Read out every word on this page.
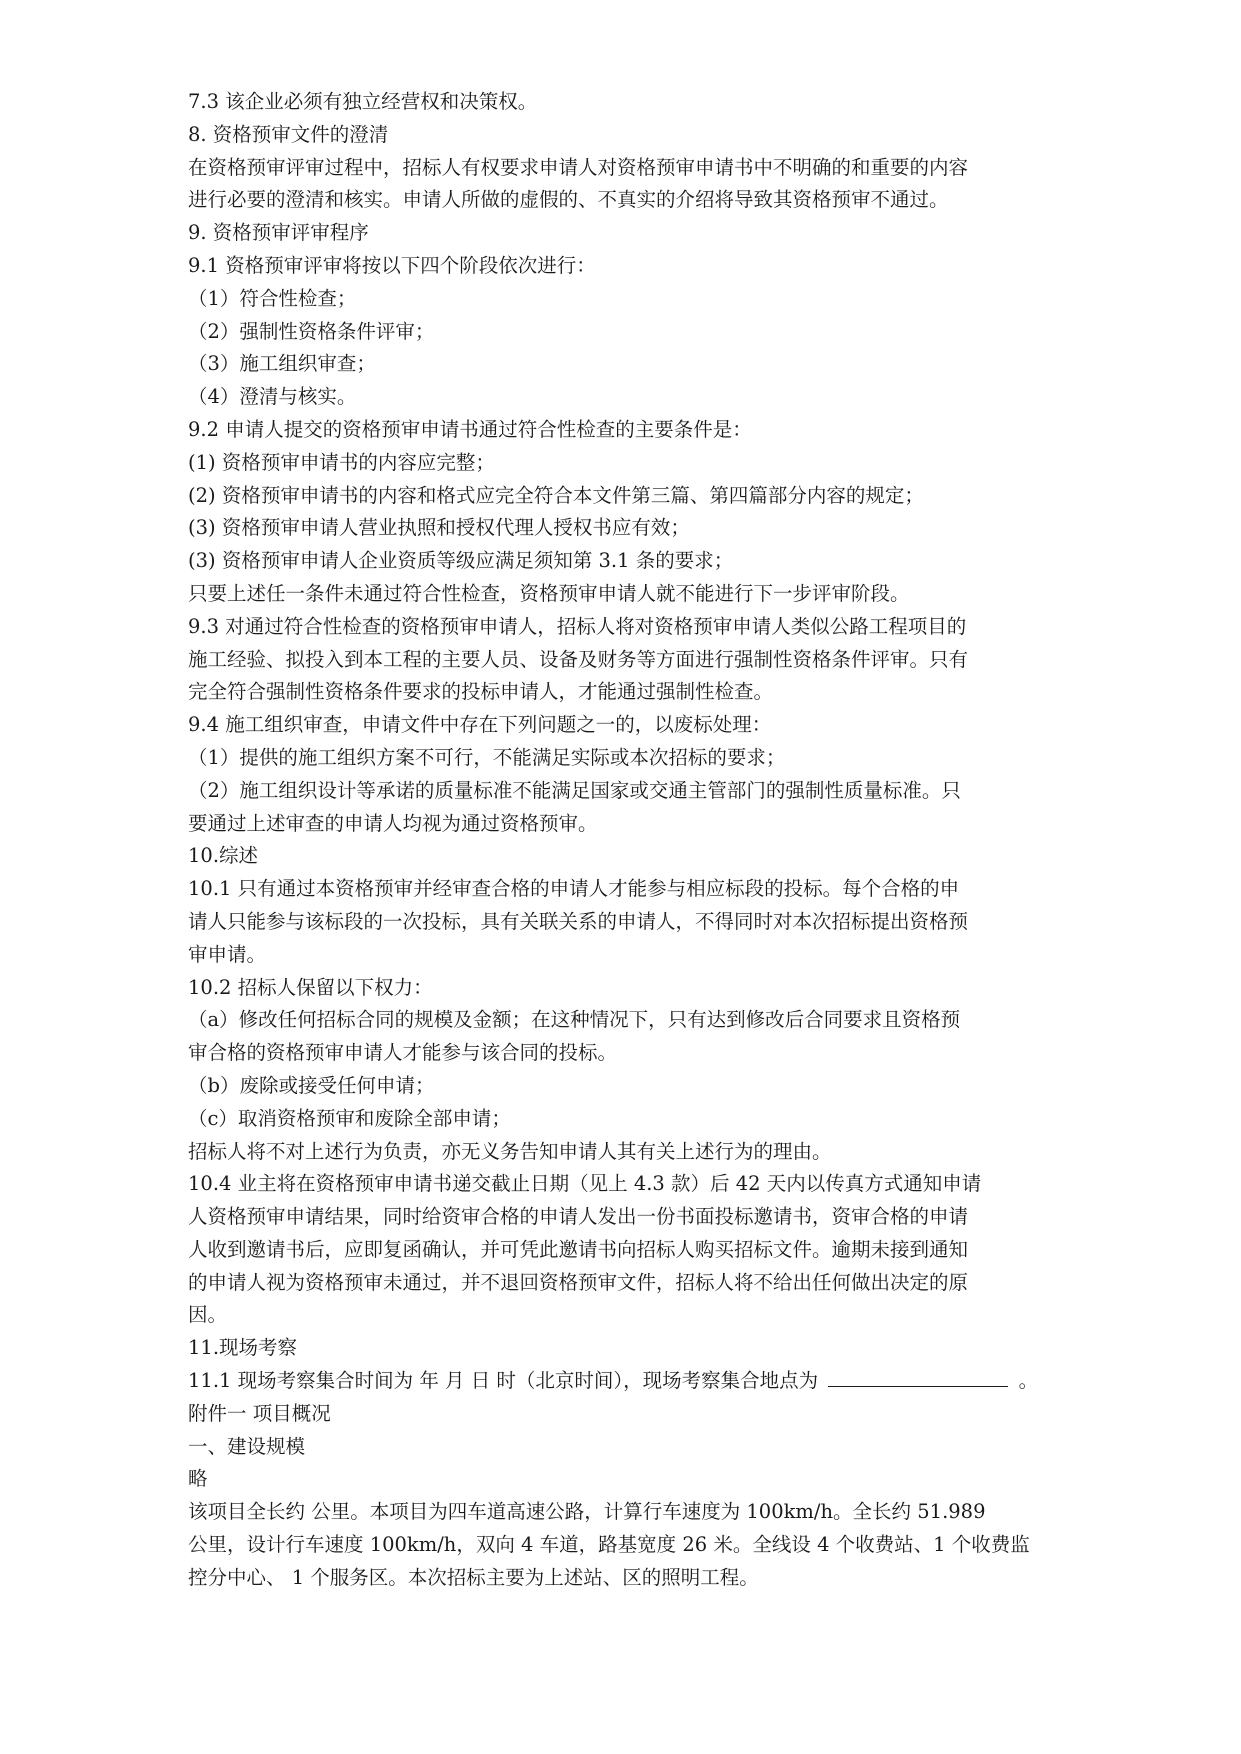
7.3 该企业必须有独立经营权和决策权。
8. 资格预审文件的澄清
在资格预审评审过程中，招标人有权要求申请人对资格预审申请书中不明确的和重要的内容
进行必要的澄清和核实。申请人所做的虚假的、不真实的介绍将导致其资格预审不通过。
9. 资格预审评审程序
9.1 资格预审评审将按以下四个阶段依次进行：
（1）符合性检查；
（2）强制性资格条件评审；
（3）施工组织审查；
（4）澄清与核实。
9.2 申请人提交的资格预审申请书通过符合性检查的主要条件是：
(1) 资格预审申请书的内容应完整；
(2) 资格预审申请书的内容和格式应完全符合本文件第三篇、第四篇部分内容的规定；
(3) 资格预审申请人营业执照和授权代理人授权书应有效；
(3) 资格预审申请人企业资质等级应满足须知第 3.1 条的要求；
只要上述任一条件未通过符合性检查，资格预审申请人就不能进行下一步评审阶段。
9.3 对通过符合性检查的资格预审申请人，招标人将对资格预审申请人类似公路工程项目的
施工经验、拟投入到本工程的主要人员、设备及财务等方面进行强制性资格条件评审。只有
完全符合强制性资格条件要求的投标申请人，才能通过强制性检查。
9.4 施工组织审查，申请文件中存在下列问题之一的，以废标处理：
（1）提供的施工组织方案不可行，不能满足实际或本次招标的要求；
（2）施工组织设计等承诺的质量标准不能满足国家或交通主管部门的强制性质量标准。只
要通过上述审查的申请人均视为通过资格预审。
10.综述
10.1 只有通过本资格预审并经审查合格的申请人才能参与相应标段的投标。每个合格的申
请人只能参与该标段的一次投标，具有关联关系的申请人，不得同时对本次招标提出资格预
审申请。
10.2 招标人保留以下权力：
（a）修改任何招标合同的规模及金额；在这种情况下，只有达到修改后合同要求且资格预
审合格的资格预审申请人才能参与该合同的投标。
（b）废除或接受任何申请；
（c）取消资格预审和废除全部申请；
招标人将不对上述行为负责，亦无义务告知申请人其有关上述行为的理由。
10.4 业主将在资格预审申请书递交截止日期（见上 4.3 款）后 42 天内以传真方式通知申请
人资格预审申请结果，同时给资审合格的申请人发出一份书面投标邀请书，资审合格的申请
人收到邀请书后，应即复函确认，并可凭此邀请书向招标人购买招标文件。逾期未接到通知
的申请人视为资格预审未通过，并不退回资格预审文件，招标人将不给出任何做出决定的原
因。
11.现场考察
11.1 现场考察集合时间为 年 月 日 时（北京时间），现场考察集合地点为	。
附件一 项目概况
一、建设规模
略
该项目全长约 公里。本项目为四车道高速公路，计算行车速度为 100km/h。全长约 51.989
公里，设计行车速度 100km/h，双向 4 车道，路基宽度 26 米。全线设 4 个收费站、1 个收费监
控分中心、 1 个服务区。本次招标主要为上述站、区的照明工程。
